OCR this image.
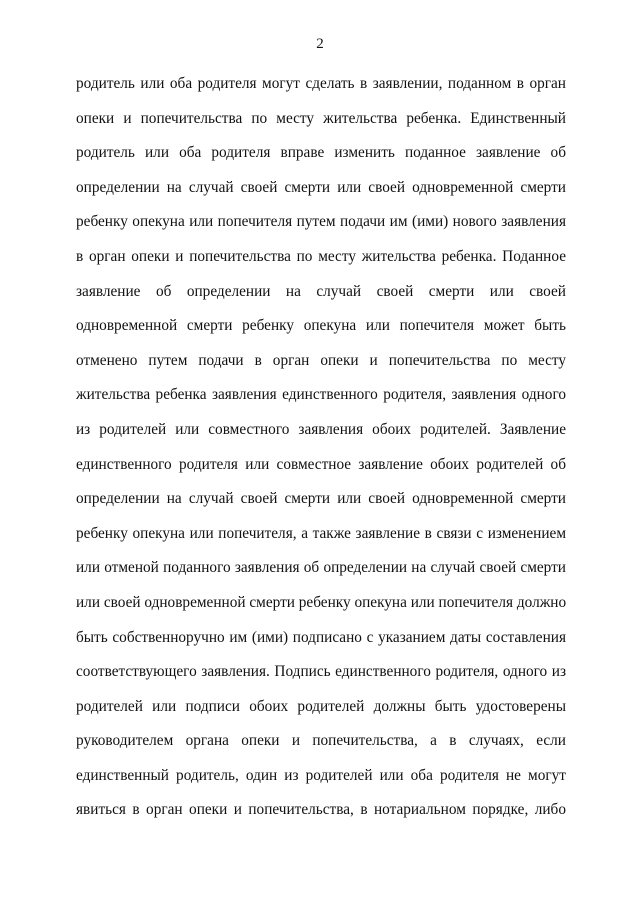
2
родитель или оба родителя могут сделать в заявлении, поданном в орган
опеки и попечительства по месту жительства ребенка. Единственный
родитель или оба родителя вправе изменить поданное заявление об
определении на случай своей смерти или своей одновременной смерти
ребенку опекуна или попечителя путем подачи им (ими) нового заявления
в орган опеки и попечительства по месту жительства ребенка. Поданное
заявление об определении на случай своей смерти или своей
одновременной смерти ребенку опекуна или попечителя может быть
отменено путем подачи в орган опеки и попечительства по месту
жительства ребенка заявления единственного родителя, заявления одного
из родителей или совместного заявления обоих родителей. Заявление
единственного родителя или совместное заявление обоих родителей об
определении на случай своей смерти или своей одновременной смерти
ребенку опекуна или попечителя, а также заявление в связи с изменением
или отменой поданного заявления об определении на случай своей смерти
или своей одновременной смерти ребенку опекуна или попечителя должно
быть собственноручно им (ими) подписано с указанием даты составления
соответствующего заявления. Подпись единственного родителя, одного из
родителей или подписи обоих родителей должны быть удостоверены
руководителем органа опеки и попечительства, а в случаях, если
единственный родитель, один из родителей или оба родителя не могут
явиться в орган опеки и попечительства, в нотариальном порядке, либо
